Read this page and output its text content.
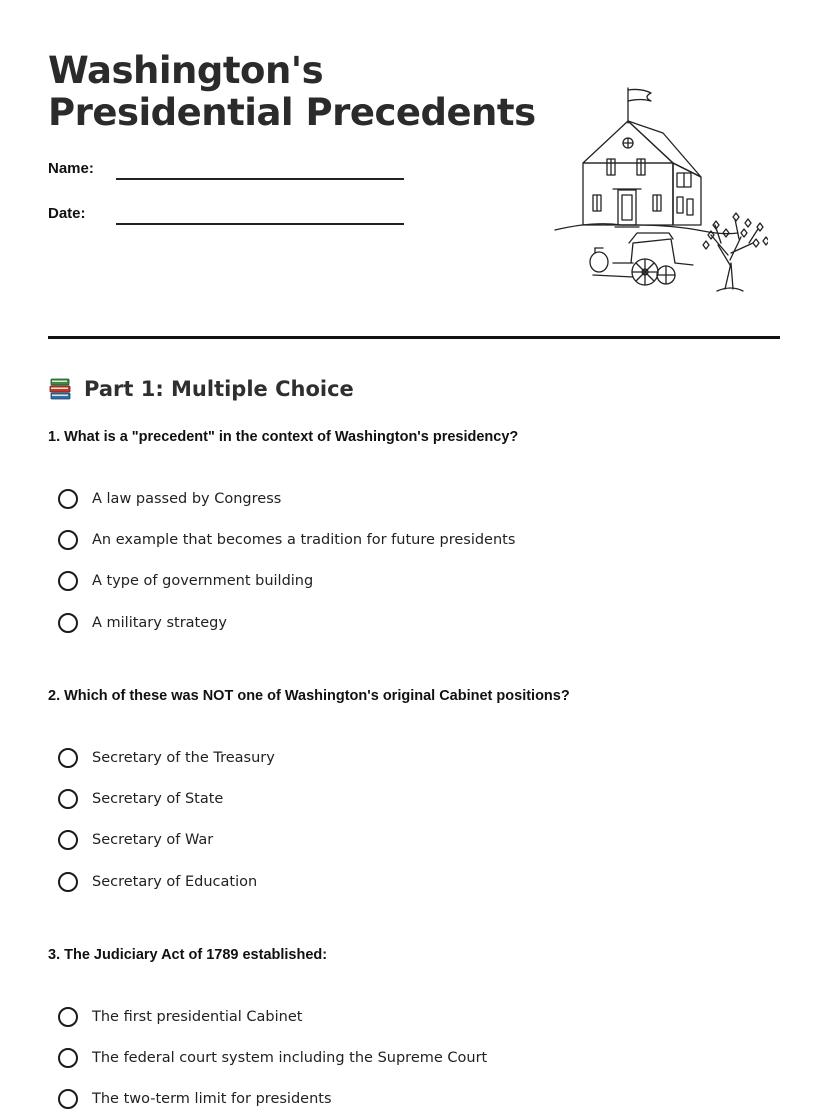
Washington's
Presidential Precedents
Name:
Date:
Part 1: Multiple Choice

1. What is a "precedent" in the context of Washington's presidency?

A law passed by Congress
An example that becomes a tradition for future presidents
A type of government building
A military strategy

2. Which of these was NOT one of Washington's original Cabinet positions?

Secretary of the Treasury
Secretary of State
Secretary of War
Secretary of Education

3. The Judiciary Act of 1789 established:

The first presidential Cabinet
The federal court system including the Supreme Court
The two-term limit for presidents
